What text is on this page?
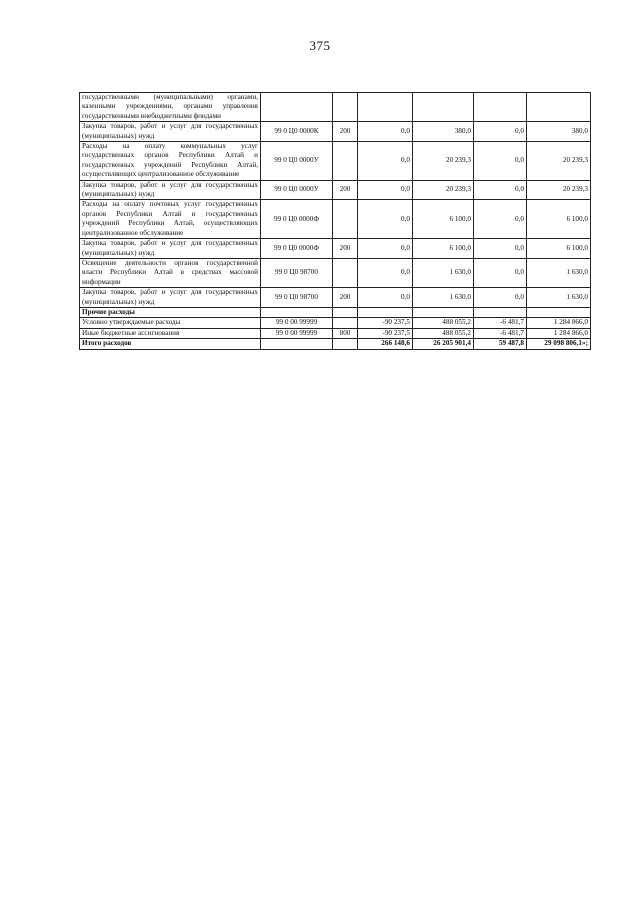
375
государственными (муниципальными) органами, казенными учреждениями, органами управления государственными внебюджетными фондами						
Закупка товаров, работ и услуг для государственных (муниципальных) нужд	99 0 Ц0 0000К	200	0,0	380,0	0,0	380,0
Расходы на оплату коммунальных услуг государственных органов Республики Алтай и государственных учреждений Республики Алтай, осуществляющих централизованное обслуживание	99 0 Ц0 0000У		0,0	20 239,3	0,0	20 239,3
Закупка товаров, работ и услуг для государственных (муниципальных) нужд	99 0 Ц0 0000У	200	0,0	20 239,3	0,0	20 239,3
Расходы на оплату почтовых услуг государственных органов Республики Алтай и государственных учреждений Республики Алтай, осуществляющих централизованное обслуживание	99 0 Ц0 0000Ф		0,0	6 100,0	0,0	6 100,0
Закупка товаров, работ и услуг для государственных (муниципальных) нужд	99 0 Ц0 0000Ф	200	0,0	6 100,0	0,0	6 100,0
Освещение деятельности органов государственной власти Республики Алтай в средствах массовой информации	99 0 Ц0 98700		0,0	1 630,0	0,0	1 630,0
Закупка товаров, работ и услуг для государственных (муниципальных) нужд	99 0 Ц0 98700	200	0,0	1 630,0	0,0	1 630,0
Прочие расходы						
Условно утверждаемые расходы	99 0 00 99999		-90 237,5	488 055,2	-6 481,7	1 284 866,0
Иные бюджетные ассигнования	99 0 00 99999	800	-90 237,5	488 055,2	-6 481,7	1 284 866,0
Итого расходов			266 148,6	26 205 901,4	59 487,8	29 098 806,1»;
